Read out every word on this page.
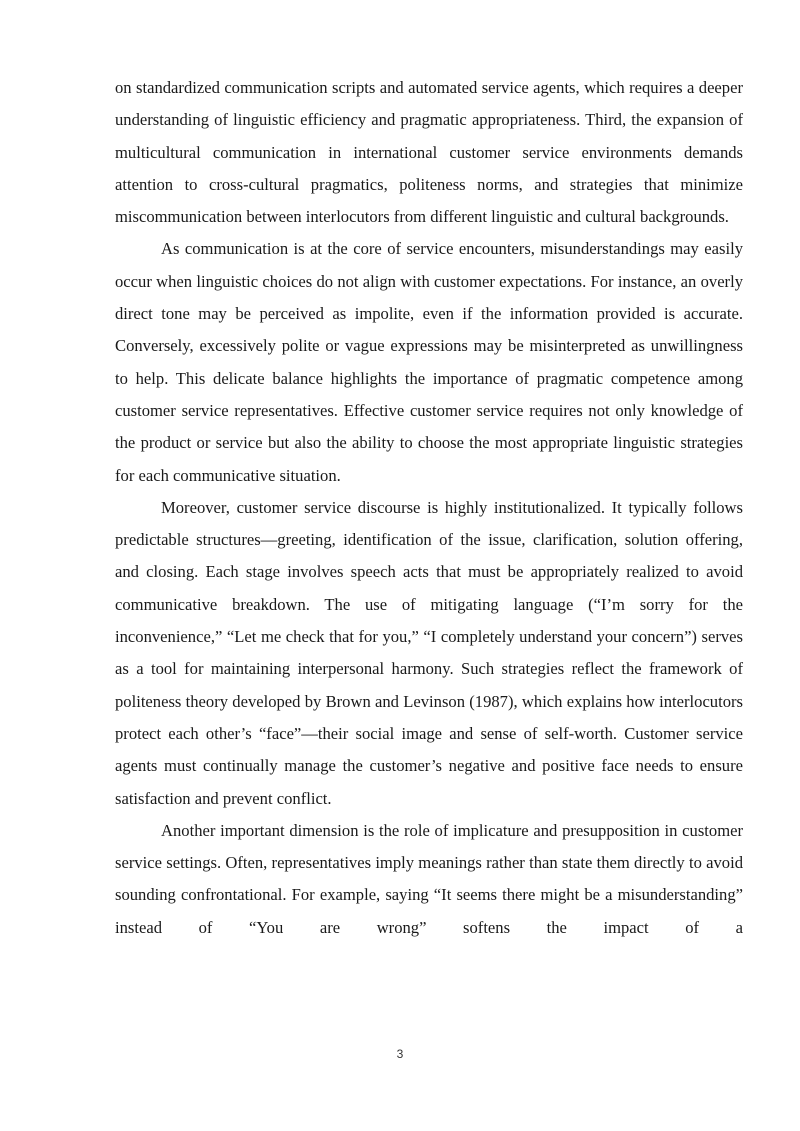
on standardized communication scripts and automated service agents, which requires a deeper understanding of linguistic efficiency and pragmatic appropriateness. Third, the expansion of multicultural communication in international customer service environments demands attention to cross-cultural pragmatics, politeness norms, and strategies that minimize miscommunication between interlocutors from different linguistic and cultural backgrounds.

As communication is at the core of service encounters, misunderstandings may easily occur when linguistic choices do not align with customer expectations. For instance, an overly direct tone may be perceived as impolite, even if the information provided is accurate. Conversely, excessively polite or vague expressions may be misinterpreted as unwillingness to help. This delicate balance highlights the importance of pragmatic competence among customer service representatives. Effective customer service requires not only knowledge of the product or service but also the ability to choose the most appropriate linguistic strategies for each communicative situation.

Moreover, customer service discourse is highly institutionalized. It typically follows predictable structures—greeting, identification of the issue, clarification, solution offering, and closing. Each stage involves speech acts that must be appropriately realized to avoid communicative breakdown. The use of mitigating language (“I’m sorry for the inconvenience,” “Let me check that for you,” “I completely understand your concern”) serves as a tool for maintaining interpersonal harmony. Such strategies reflect the framework of politeness theory developed by Brown and Levinson (1987), which explains how interlocutors protect each other’s “face”—their social image and sense of self-worth. Customer service agents must continually manage the customer’s negative and positive face needs to ensure satisfaction and prevent conflict.

Another important dimension is the role of implicature and presupposition in customer service settings. Often, representatives imply meanings rather than state them directly to avoid sounding confrontational. For example, saying “It seems there might be a misunderstanding” instead of “You are wrong” softens the impact of a

3
